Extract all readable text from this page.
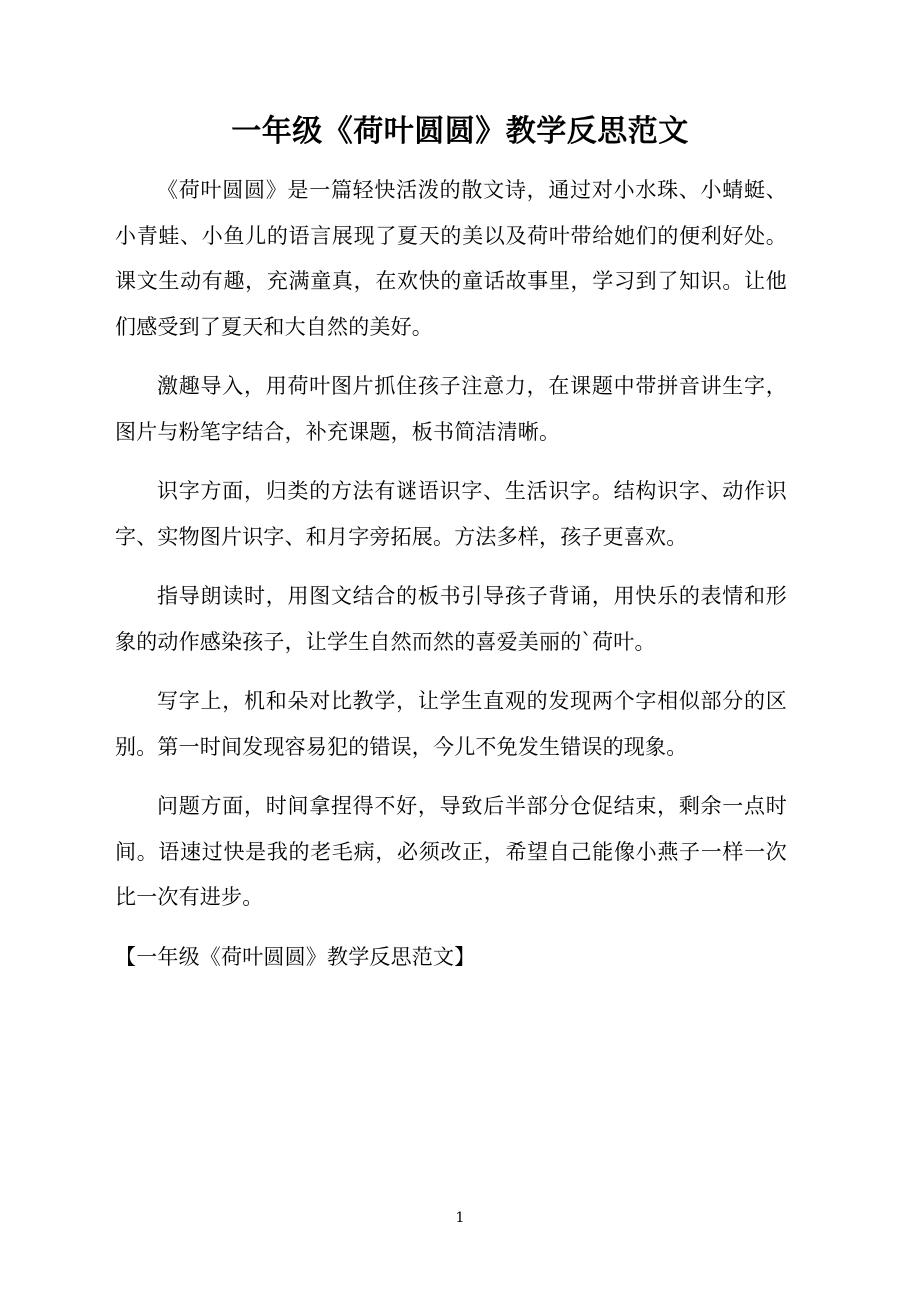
一年级《荷叶圆圆》教学反思范文

《荷叶圆圆》是一篇轻快活泼的散文诗，通过对小水珠、小蜻蜓、小青蛙、小鱼儿的语言展现了夏天的美以及荷叶带给她们的便利好处。课文生动有趣，充满童真，在欢快的童话故事里，学习到了知识。让他们感受到了夏天和大自然的美好。

激趣导入，用荷叶图片抓住孩子注意力，在课题中带拼音讲生字，图片与粉笔字结合，补充课题，板书简洁清晰。

识字方面，归类的方法有谜语识字、生活识字。结构识字、动作识字、实物图片识字、和月字旁拓展。方法多样，孩子更喜欢。

指导朗读时，用图文结合的板书引导孩子背诵，用快乐的表情和形象的动作感染孩子，让学生自然而然的喜爱美丽的`荷叶。

写字上，机和朵对比教学，让学生直观的发现两个字相似部分的区别。第一时间发现容易犯的错误，今儿不免发生错误的现象。

问题方面，时间拿捏得不好，导致后半部分仓促结束，剩余一点时间。语速过快是我的老毛病，必须改正，希望自己能像小燕子一样一次比一次有进步。

【一年级《荷叶圆圆》教学反思范文】

1
